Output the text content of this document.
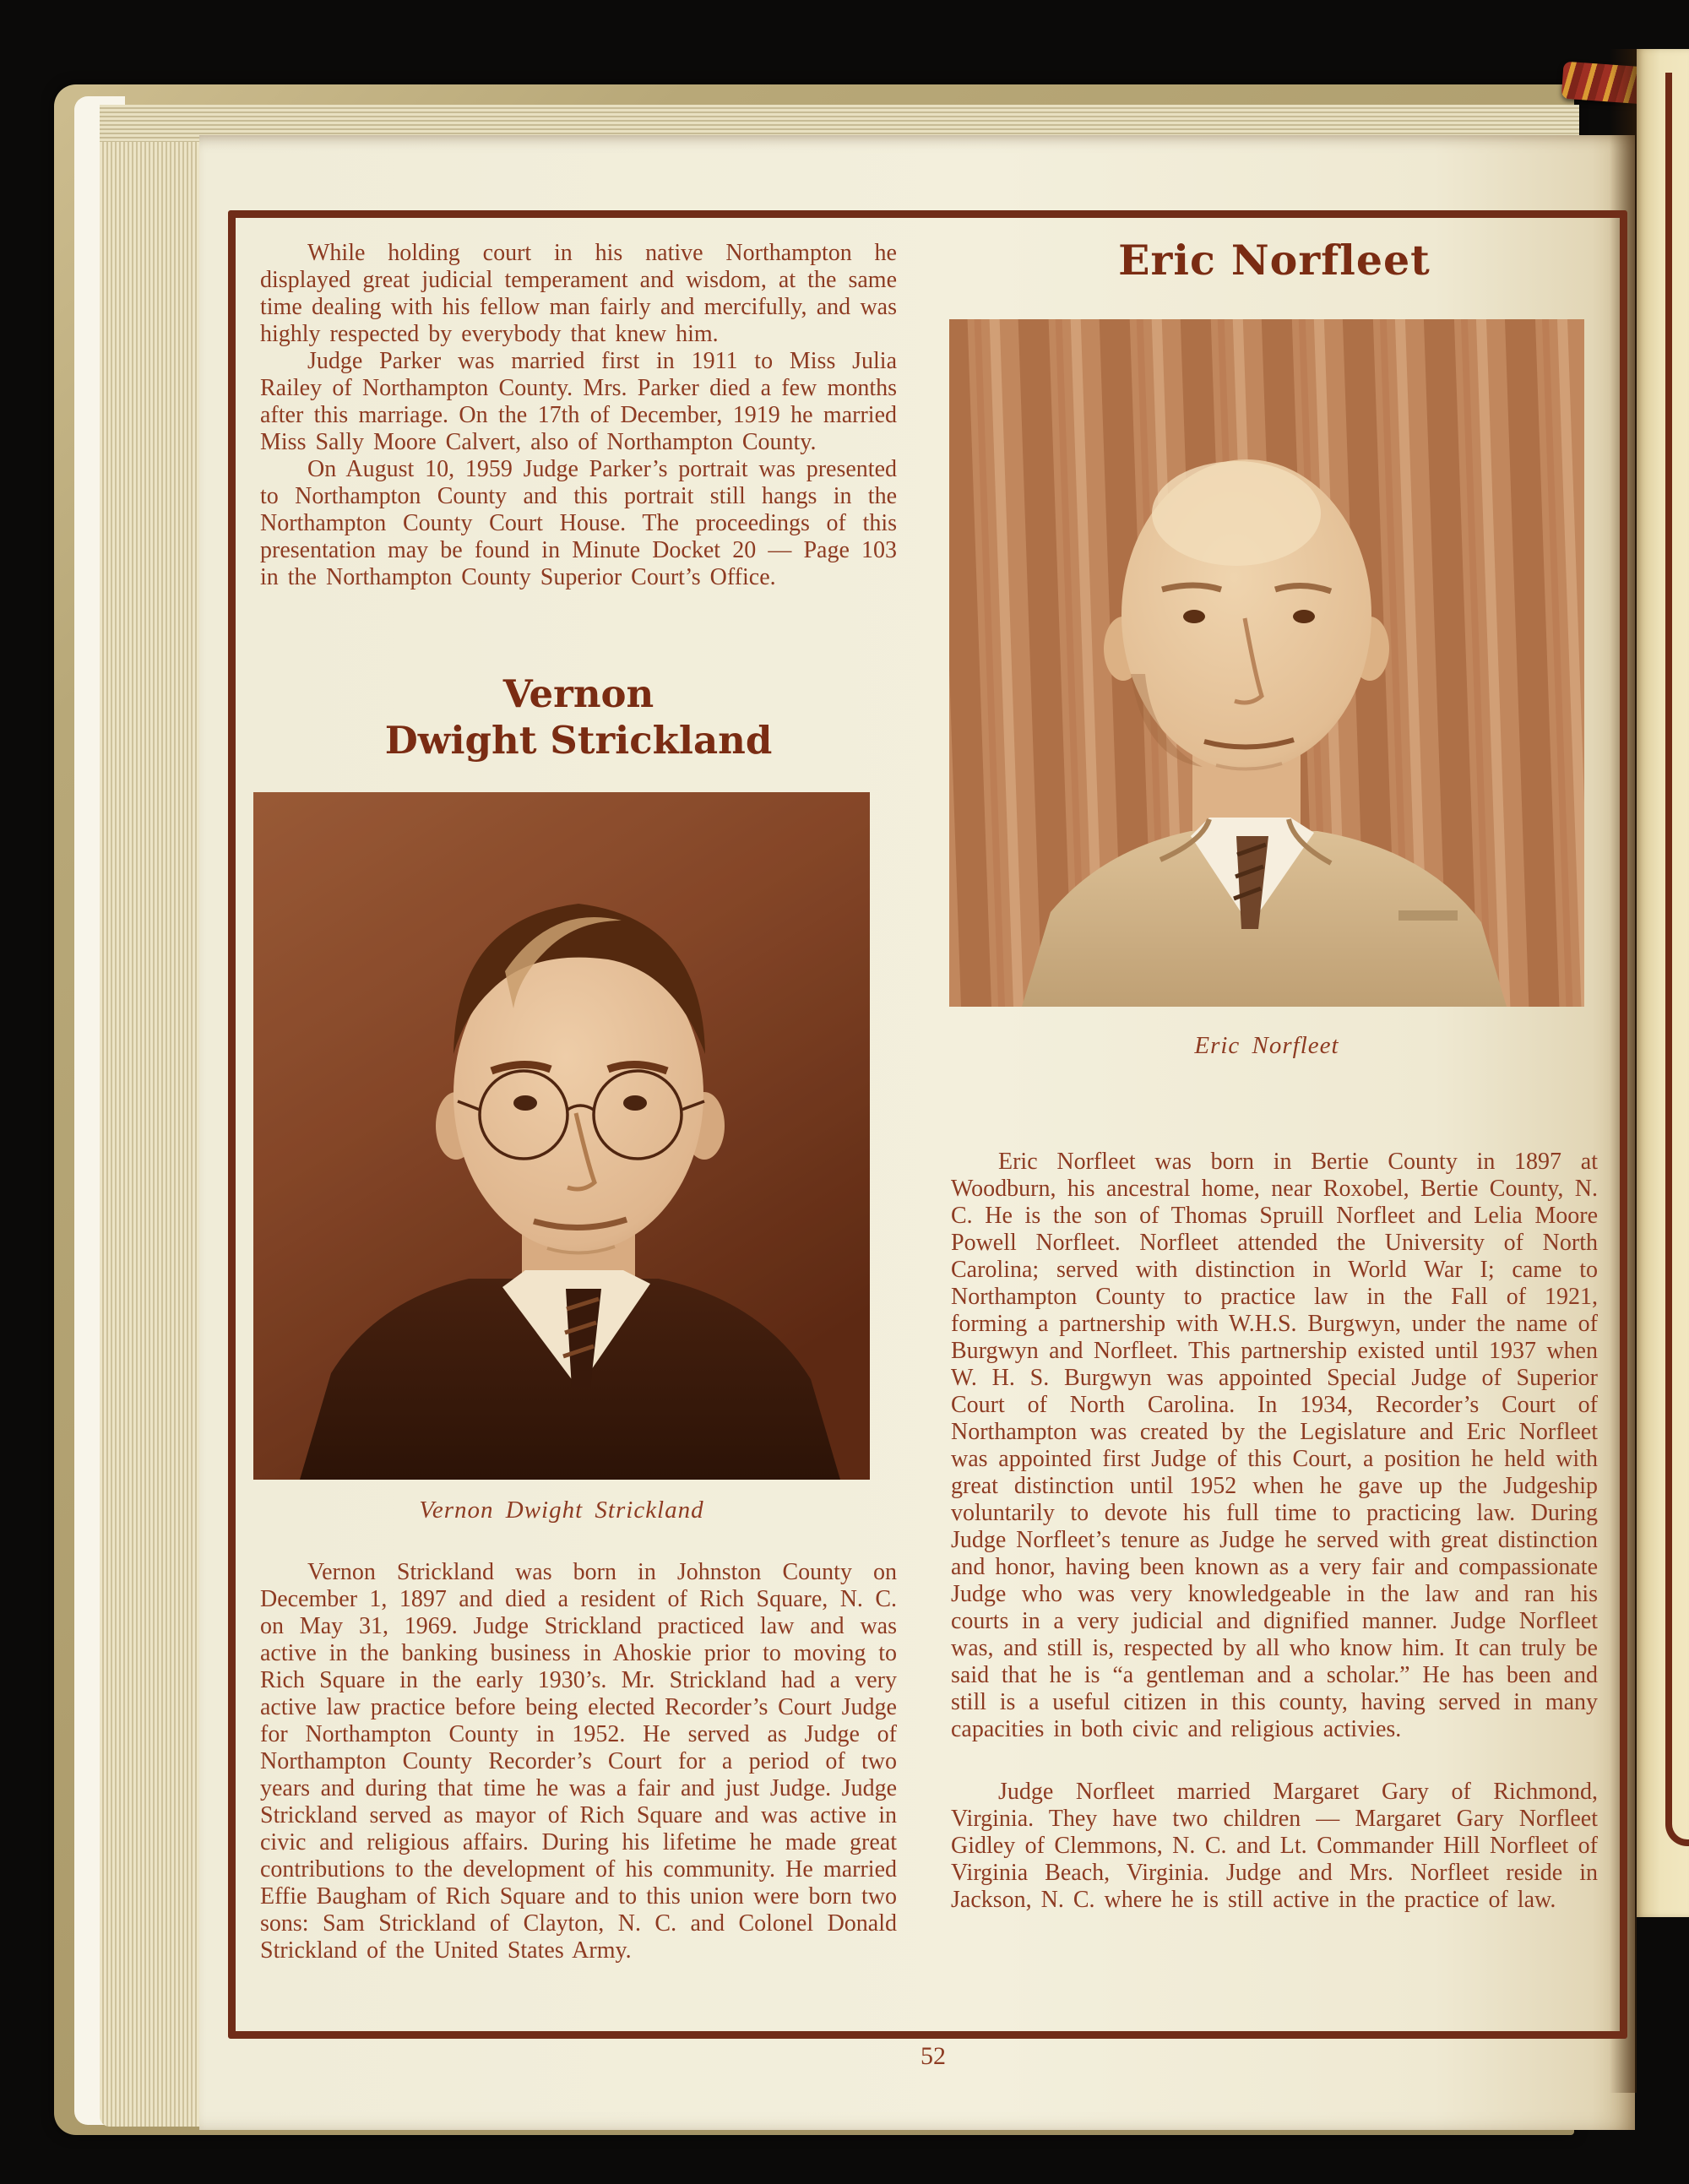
While holding court in his native Northampton he displayed great judicial temperament and wisdom, at the same time dealing with his fellow man fairly and mercifully, and was highly respected by everybody that knew him.

Judge Parker was married first in 1911 to Miss Julia Railey of Northampton County. Mrs. Parker died a few months after this marriage. On the 17th of December, 1919 he married Miss Sally Moore Calvert, also of Northampton County.

On August 10, 1959 Judge Parker’s portrait was presented to Northampton County and this portrait still hangs in the Northampton County Court House. The proceedings of this presentation may be found in Minute Docket 20 — Page 103 in the Northampton County Superior Court’s Office.

Vernon
Dwight Strickland
Vernon Dwight Strickland

Vernon Strickland was born in Johnston County on December 1, 1897 and died a resident of Rich Square, N. C. on May 31, 1969. Judge Strickland practiced law and was active in the banking business in Ahoskie prior to moving to Rich Square in the early 1930’s. Mr. Strickland had a very active law practice before being elected Recorder’s Court Judge for Northampton County in 1952. He served as Judge of Northampton County Recorder’s Court for a period of two years and during that time he was a fair and just Judge. Judge Strickland served as mayor of Rich Square and was active in civic and religious affairs. During his lifetime he made great contributions to the development of his community. He married Effie Baugham of Rich Square and to this union were born two sons: Sam Strickland of Clayton, N. C. and Colonel Donald Strickland of the United States Army.

Eric Norfleet
Eric Norfleet

Eric Norfleet was born in Bertie County in 1897 at Woodburn, his ancestral home, near Roxobel, Bertie County, N. C. He is the son of Thomas Spruill Norfleet and Lelia Moore Powell Norfleet. Norfleet attended the University of North Carolina; served with distinction in World War I; came to Northampton County to practice law in the Fall of 1921, forming a partnership with W.H.S. Burgwyn, under the name of Burgwyn and Norfleet. This partnership existed until 1937 when W. H. S. Burgwyn was appointed Special Judge of Superior Court of North Carolina. In 1934, Recorder’s Court of Northampton was created by the Legislature and Eric Norfleet was appointed first Judge of this Court, a position he held with great distinction until 1952 when he gave up the Judgeship voluntarily to devote his full time to practicing law. During Judge Norfleet’s tenure as Judge he served with great distinction and honor, having been known as a very fair and compassionate Judge who was very knowledgeable in the law and ran his courts in a very judicial and dignified manner. Judge Norfleet was, and still is, respected by all who know him. It can truly be said that he is “a gentleman and a scholar.” He has been and still is a useful citizen in this county, having served in many capacities in both civic and religious activies.

Judge Norfleet married Margaret Gary of Richmond, Virginia. They have two children — Margaret Gary Norfleet Gidley of Clemmons, N. C. and Lt. Commander Hill Norfleet of Virginia Beach, Virginia. Judge and Mrs. Norfleet reside in Jackson, N. C. where he is still active in the practice of law.

52
